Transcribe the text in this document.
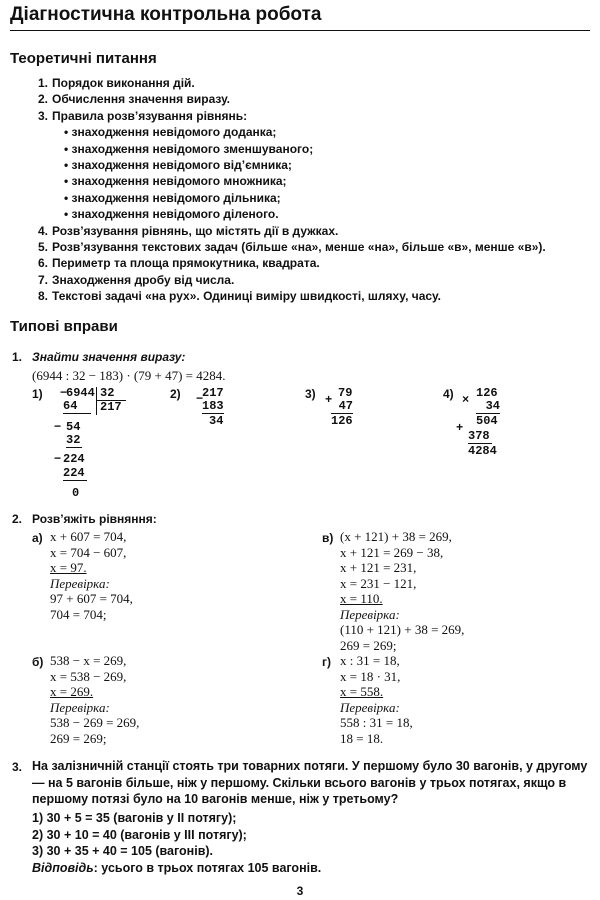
Діагностична контрольна робота
Теоретичні питання
1. Порядок виконання дій.
2. Обчислення значення виразу.
3. Правила розв’язування рівнянь:
• знаходження невідомого доданка;
• знаходження невідомого зменшуваного;
• знаходження невідомого від’ємника;
• знаходження невідомого множника;
• знаходження невідомого дільника;
• знаходження невідомого діленого.
4. Розв’язування рівнянь, що містять дії в дужках.
5. Розв’язування текстових задач (більше «на», менше «на», більше «в», менше «в»).
6. Периметр та площа прямокутника, квадрата.
7. Знаходження дробу від числа.
8. Текстові задачі «на рух». Одиниці виміру швидкості, шляху, часу.
Типові вправи
1. Знайти значення виразу:
(6944 : 32 − 183) · (79 + 47) = 4284.
1)

−

6944

32

64

	217

−

54

32

−

224

224

0

2)

−

217

183

34

3)

+

79

47

126

4)

×

126

34

+

504

378

4284

2. Розв’яжіть рівняння:
а) x + 607 = 704,
x = 704 − 607,
x = 97.
Перевірка:
97 + 607 = 704,
704 = 704;
б) 538 − x = 269,
x = 538 − 269,
x = 269.
Перевірка:
538 − 269 = 269,
269 = 269;
в) (x + 121) + 38 = 269,
x + 121 = 269 − 38,
x + 121 = 231,
x = 231 − 121,
x = 110.
Перевірка:
(110 + 121) + 38 = 269,
269 = 269;
г) x : 31 = 18,
x = 18 · 31,
x = 558.
Перевірка:
558 : 31 = 18,
18 = 18.
3. На залізничній станції стоять три товарних потяги. У першому було 30 вагонів, у другому — на 5 вагонів більше, ніж у першому. Скільки всього вагонів у трьох потягах, якщо в першому потязі було на 10 вагонів менше, ніж у третьому?
1) 30 + 5 = 35 (вагонів у II потягу);
2) 30 + 10 = 40 (вагонів у III потягу);
3) 30 + 35 + 40 = 105 (вагонів).
Відповідь: усього в трьох потягах 105 вагонів.
3
